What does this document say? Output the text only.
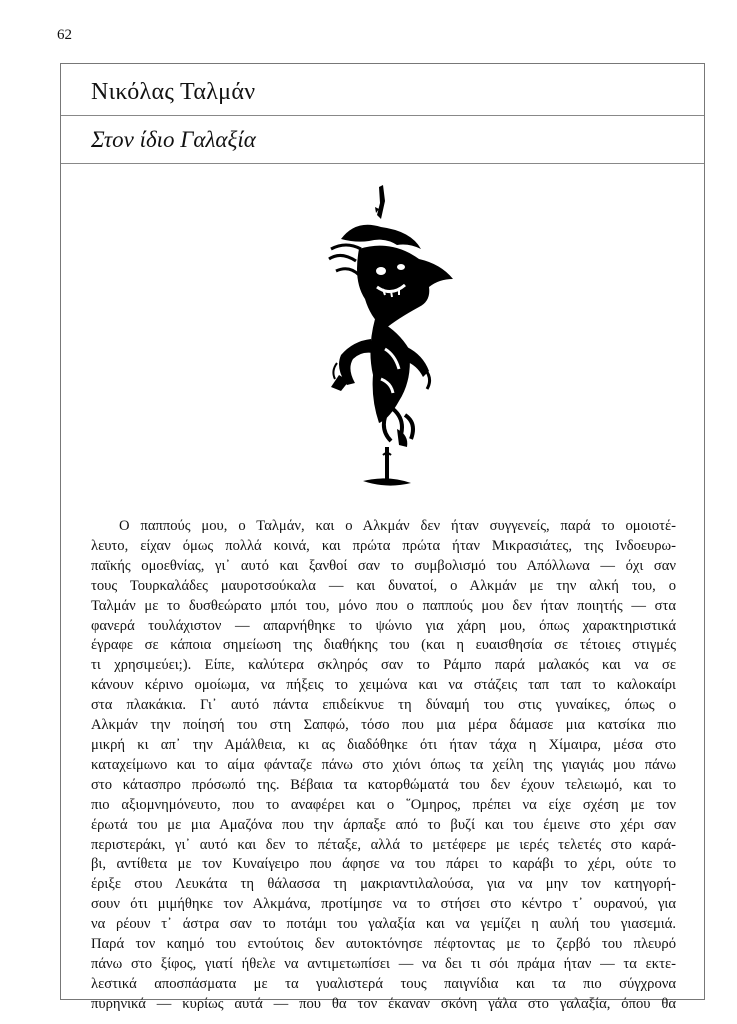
62
Νικόλας Ταλμάν
Στον ίδιο Γαλαξία
Ο παππούς μου, ο Ταλμάν, και ο Αλκμάν δεν ήταν συγγενείς, παρά το ομοιοτέ-
λευτο, είχαν όμως πολλά κοινά, και πρώτα πρώτα ήταν Μικρασιάτες, της Ινδοευρω-
παϊκής ομοεθνίας, γι᾽ αυτό και ξανθοί σαν το συμβολισμό του Απόλλωνα — όχι σαν
τους Τουρκαλάδες μαυροτσούκαλα — και δυνατοί, ο Αλκμάν με την αλκή του, ο
Ταλμάν με το δυσθεώρατο μπόι του, μόνο που ο παππούς μου δεν ήταν ποιητής — στα
φανερά τουλάχιστον — απαρνήθηκε το ψώνιο για χάρη μου, όπως χαρακτηριστικά
έγραφε σε κάποια σημείωση της διαθήκης του (και η ευαισθησία σε τέτοιες στιγμές
τι χρησιμεύει;). Είπε, καλύτερα σκληρός σαν το Ράμπο παρά μαλακός και να σε
κάνουν κέρινο ομοίωμα, να πήξεις το χειμώνα και να στάζεις ταπ ταπ το καλοκαίρι
στα πλακάκια. Γι᾽ αυτό πάντα επιδείκνυε τη δύναμή του στις γυναίκες, όπως ο
Αλκμάν την ποίησή του στη Σαπφώ, τόσο που μια μέρα δάμασε μια κατσίκα πιο
μικρή κι απ᾽ την Αμάλθεια, κι ας διαδόθηκε ότι ήταν τάχα η Χίμαιρα, μέσα στο
καταχείμωνο και το αίμα φάνταζε πάνω στο χιόνι όπως τα χείλη της γιαγιάς μου πάνω
στο κάτασπρο πρόσωπό της. Βέβαια τα κατορθώματά του δεν έχουν τελειωμό, και το
πιο αξιομνημόνευτο, που το αναφέρει και ο ῞Ομηρος, πρέπει να είχε σχέση με τον
έρωτά του με μια Αμαζόνα που την άρπαξε από το βυζί και του έμεινε στο χέρι σαν
περιστεράκι, γι᾽ αυτό και δεν το πέταξε, αλλά το μετέφερε με ιερές τελετές στο καρά-
βι, αντίθετα με τον Κυναίγειρο που άφησε να του πάρει το καράβι το χέρι, ούτε το
έριξε στου Λευκάτα τη θάλασσα τη μακριαντιλαλούσα, για να μην τον κατηγορή-
σουν ότι μιμήθηκε τον Αλκμάνα, προτίμησε να το στήσει στο κέντρο τ᾽ ουρανού, για
να ρέουν τ᾽ άστρα σαν το ποτάμι του γαλαξία και να γεμίζει η αυλή του γιασεμιά.
Παρά τον καημό του εντούτοις δεν αυτοκτόνησε πέφτοντας με το ζερβό του πλευρό
πάνω στο ξίφος, γιατί ήθελε να αντιμετωπίσει — να δει τι σόι πράμα ήταν — τα εκτε-
λεστικά αποσπάσματα με τα γυαλιστερά τους παιγνίδια και τα πιο σύγχρονα
πυρηνικά — κυρίως αυτά — που θα τον έκαναν σκόνη γάλα στο γαλαξία, όπου θα
